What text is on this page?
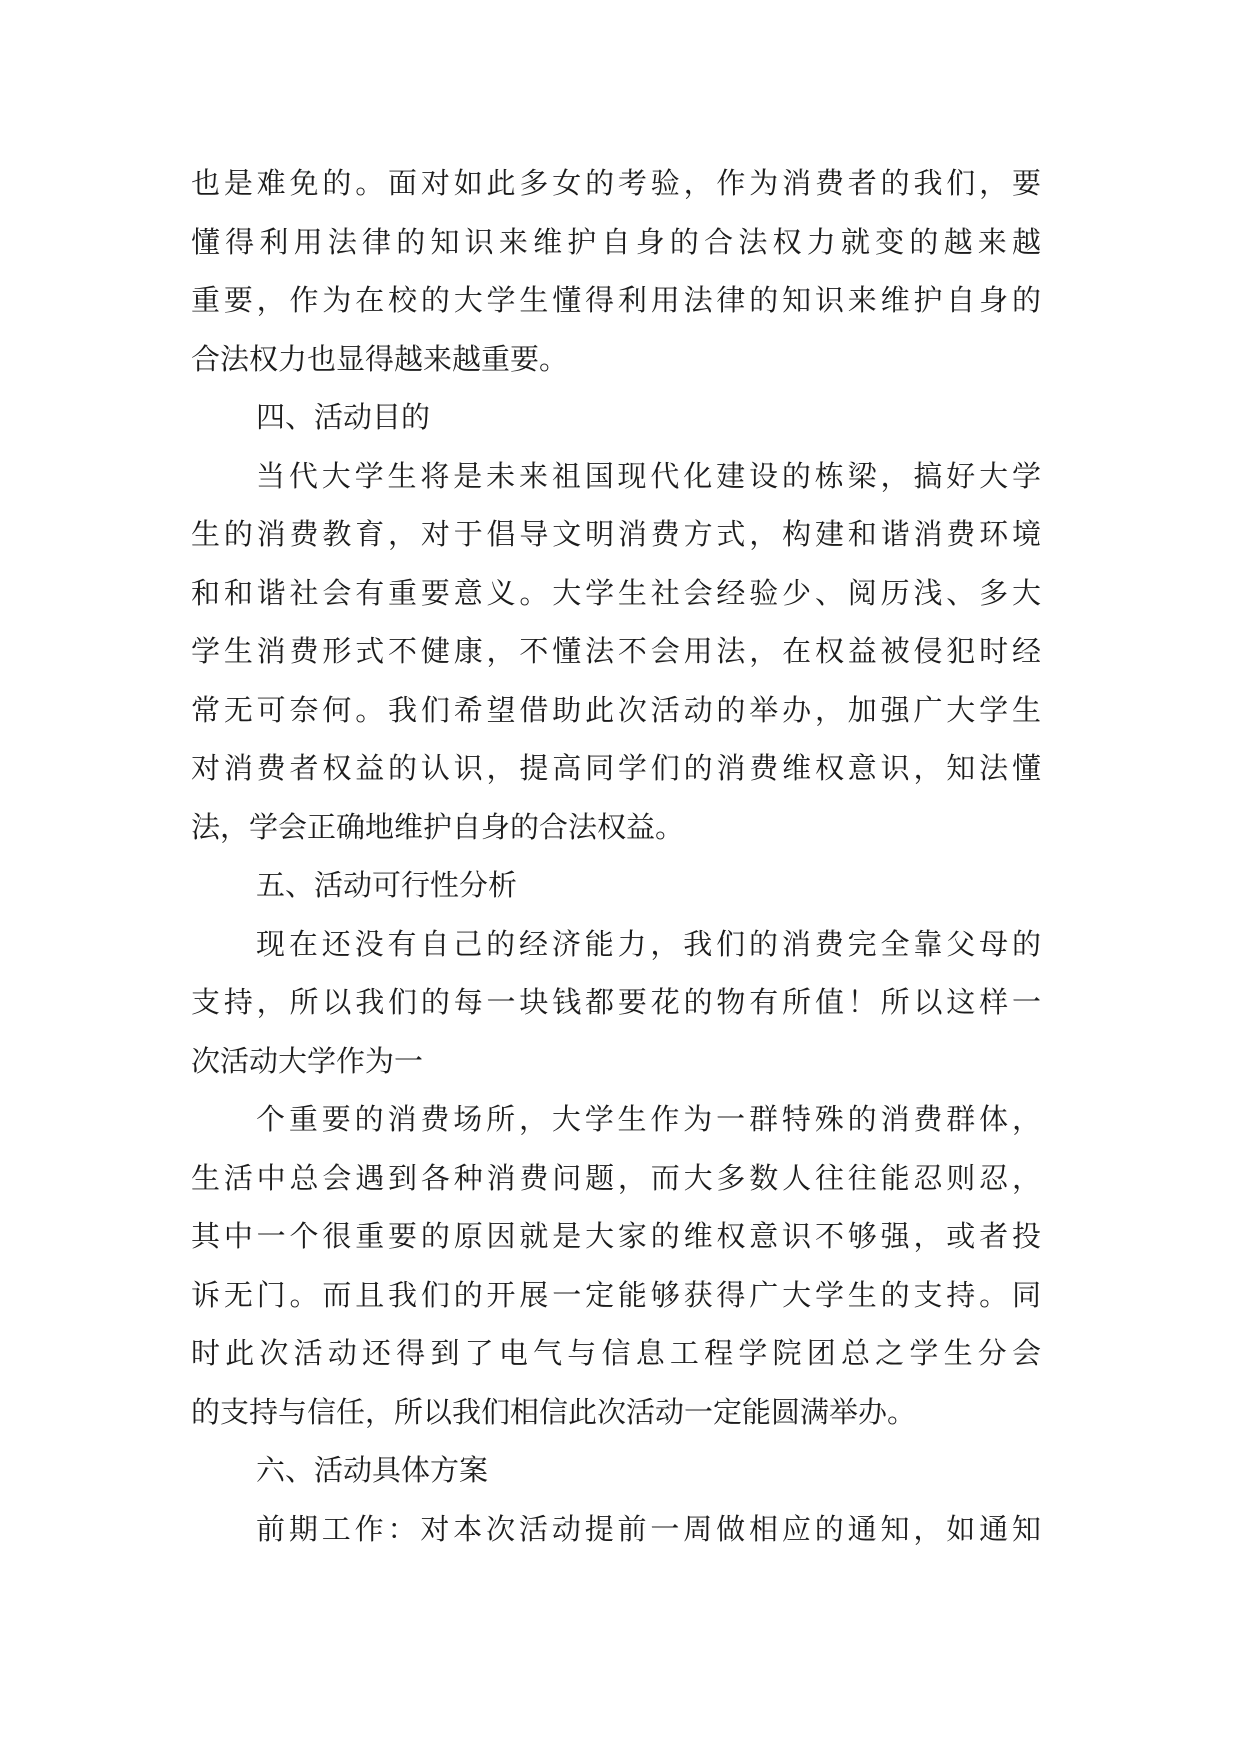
也是难免的。面对如此多女的考验，作为消费者的我们，要
懂得利用法律的知识来维护自身的合法权力就变的越来越
重要，作为在校的大学生懂得利用法律的知识来维护自身的
合法权力也显得越来越重要。
四、活动目的
当代大学生将是未来祖国现代化建设的栋梁，搞好大学
生的消费教育，对于倡导文明消费方式，构建和谐消费环境
和和谐社会有重要意义。大学生社会经验少、阅历浅、多大
学生消费形式不健康，不懂法不会用法，在权益被侵犯时经
常无可奈何。我们希望借助此次活动的举办，加强广大学生
对消费者权益的认识，提高同学们的消费维权意识，知法懂
法，学会正确地维护自身的合法权益。
五、活动可行性分析
现在还没有自己的经济能力，我们的消费完全靠父母的
支持，所以我们的每一块钱都要花的物有所值！所以这样一
次活动大学作为一
个重要的消费场所，大学生作为一群特殊的消费群体，
生活中总会遇到各种消费问题，而大多数人往往能忍则忍，
其中一个很重要的原因就是大家的维权意识不够强，或者投
诉无门。而且我们的开展一定能够获得广大学生的支持。同
时此次活动还得到了电气与信息工程学院团总之学生分会
的支持与信任，所以我们相信此次活动一定能圆满举办。
六、活动具体方案
前期工作：对本次活动提前一周做相应的通知，如通知
